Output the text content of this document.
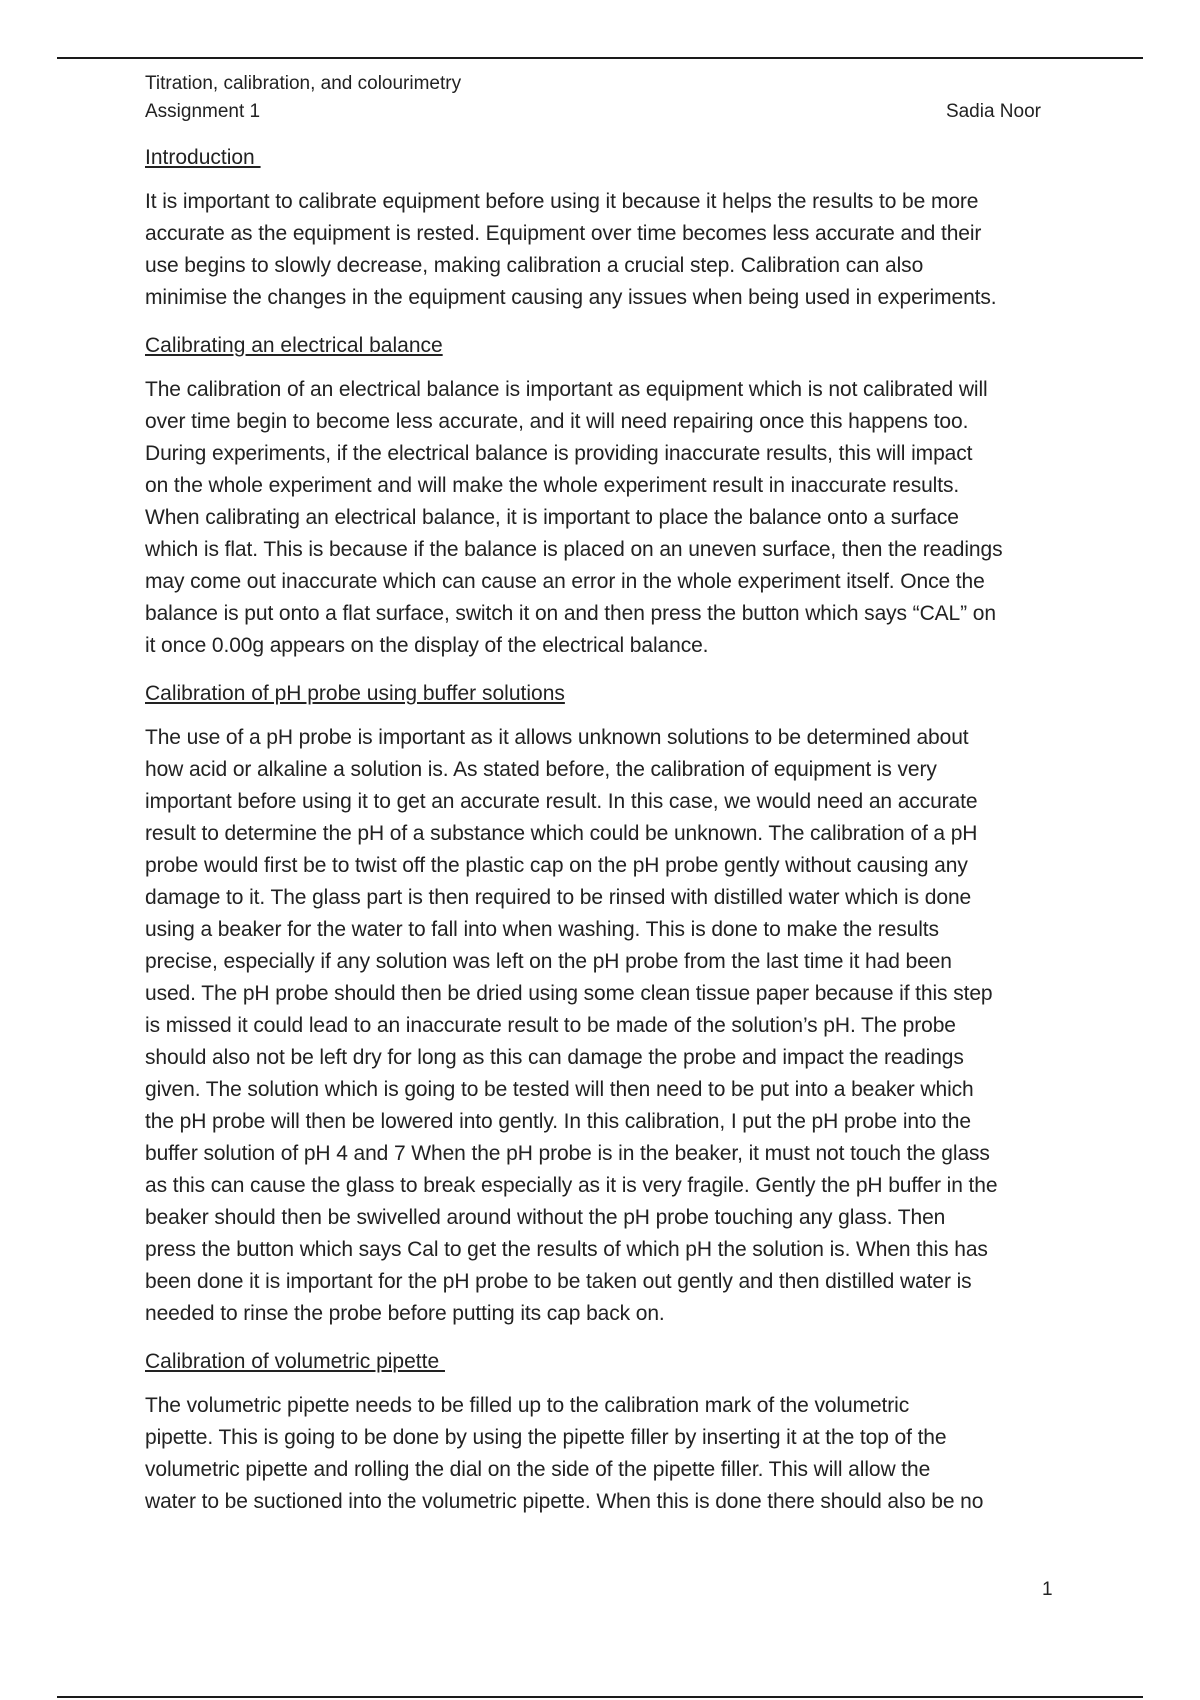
Titration, calibration, and colourimetry
Assignment 1	Sadia Noor
Introduction

It is important to calibrate equipment before using it because it helps the results to be more
accurate as the equipment is rested. Equipment over time becomes less accurate and their
use begins to slowly decrease, making calibration a crucial step. Calibration can also
minimise the changes in the equipment causing any issues when being used in experiments.

Calibrating an electrical balance

The calibration of an electrical balance is important as equipment which is not calibrated will
over time begin to become less accurate, and it will need repairing once this happens too.
During experiments, if the electrical balance is providing inaccurate results, this will impact
on the whole experiment and will make the whole experiment result in inaccurate results.
When calibrating an electrical balance, it is important to place the balance onto a surface
which is flat. This is because if the balance is placed on an uneven surface, then the readings
may come out inaccurate which can cause an error in the whole experiment itself. Once the
balance is put onto a flat surface, switch it on and then press the button which says “CAL” on
it once 0.00g appears on the display of the electrical balance.

Calibration of pH probe using buffer solutions

The use of a pH probe is important as it allows unknown solutions to be determined about
how acid or alkaline a solution is. As stated before, the calibration of equipment is very
important before using it to get an accurate result. In this case, we would need an accurate
result to determine the pH of a substance which could be unknown. The calibration of a pH
probe would first be to twist off the plastic cap on the pH probe gently without causing any
damage to it. The glass part is then required to be rinsed with distilled water which is done
using a beaker for the water to fall into when washing. This is done to make the results
precise, especially if any solution was left on the pH probe from the last time it had been
used. The pH probe should then be dried using some clean tissue paper because if this step
is missed it could lead to an inaccurate result to be made of the solution’s pH. The probe
should also not be left dry for long as this can damage the probe and impact the readings
given. The solution which is going to be tested will then need to be put into a beaker which
the pH probe will then be lowered into gently. In this calibration, I put the pH probe into the
buffer solution of pH 4 and 7 When the pH probe is in the beaker, it must not touch the glass
as this can cause the glass to break especially as it is very fragile. Gently the pH buffer in the
beaker should then be swivelled around without the pH probe touching any glass. Then
press the button which says Cal to get the results of which pH the solution is. When this has
been done it is important for the pH probe to be taken out gently and then distilled water is
needed to rinse the probe before putting its cap back on.

Calibration of volumetric pipette

The volumetric pipette needs to be filled up to the calibration mark of the volumetric
pipette. This is going to be done by using the pipette filler by inserting it at the top of the
volumetric pipette and rolling the dial on the side of the pipette filler. This will allow the
water to be suctioned into the volumetric pipette. When this is done there should also be no

1
